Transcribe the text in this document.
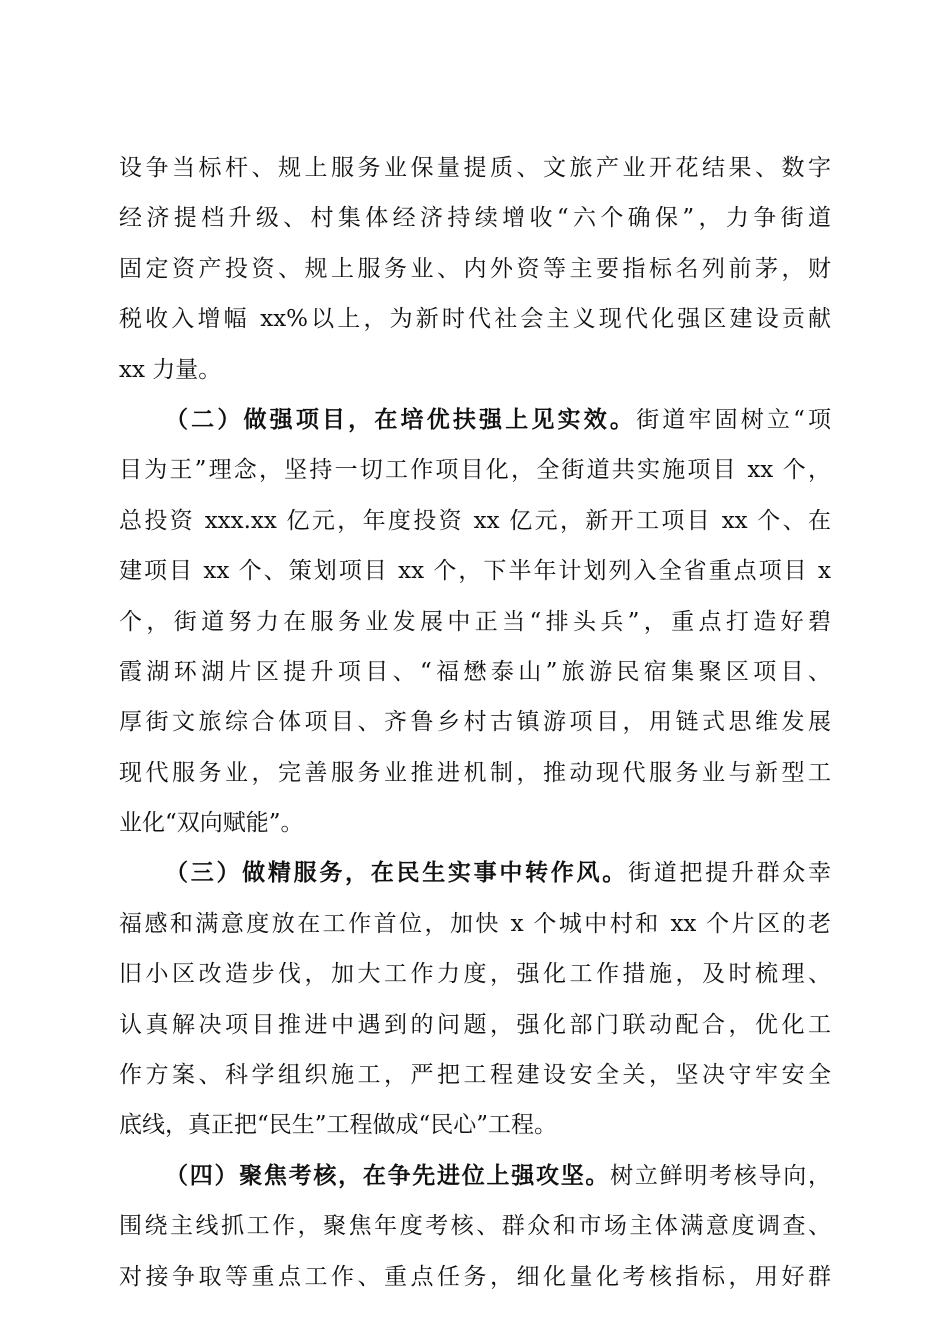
设争当标杆、规上服务业保量提质、文旅产业开花结果、数字
经济提档升级、村集体经济持续增收“六个确保”，力争街道
固定资产投资、规上服务业、内外资等主要指标名列前茅，财
税收入增幅 xx%以上，为新时代社会主义现代化强区建设贡献
xx 力量。
（二）做强项目，在培优扶强上见实效。街道牢固树立“项
目为王”理念，坚持一切工作项目化，全街道共实施项目 xx 个，
总投资 xxx.xx 亿元，年度投资 xx 亿元，新开工项目 xx 个、在
建项目 xx 个、策划项目 xx 个，下半年计划列入全省重点项目 x
个，街道努力在服务业发展中正当“排头兵”，重点打造好碧
霞湖环湖片区提升项目、“福懋泰山”旅游民宿集聚区项目、
厚街文旅综合体项目、齐鲁乡村古镇游项目，用链式思维发展
现代服务业，完善服务业推进机制，推动现代服务业与新型工
业化“双向赋能”。
（三）做精服务，在民生实事中转作风。街道把提升群众幸
福感和满意度放在工作首位，加快 x 个城中村和 xx 个片区的老
旧小区改造步伐，加大工作力度，强化工作措施，及时梳理、
认真解决项目推进中遇到的问题，强化部门联动配合，优化工
作方案、科学组织施工，严把工程建设安全关，坚决守牢安全
底线，真正把“民生”工程做成“民心”工程。
（四）聚焦考核，在争先进位上强攻坚。树立鲜明考核导向，
围绕主线抓工作，聚焦年度考核、群众和市场主体满意度调查、
对接争取等重点工作、重点任务，细化量化考核指标，用好群
